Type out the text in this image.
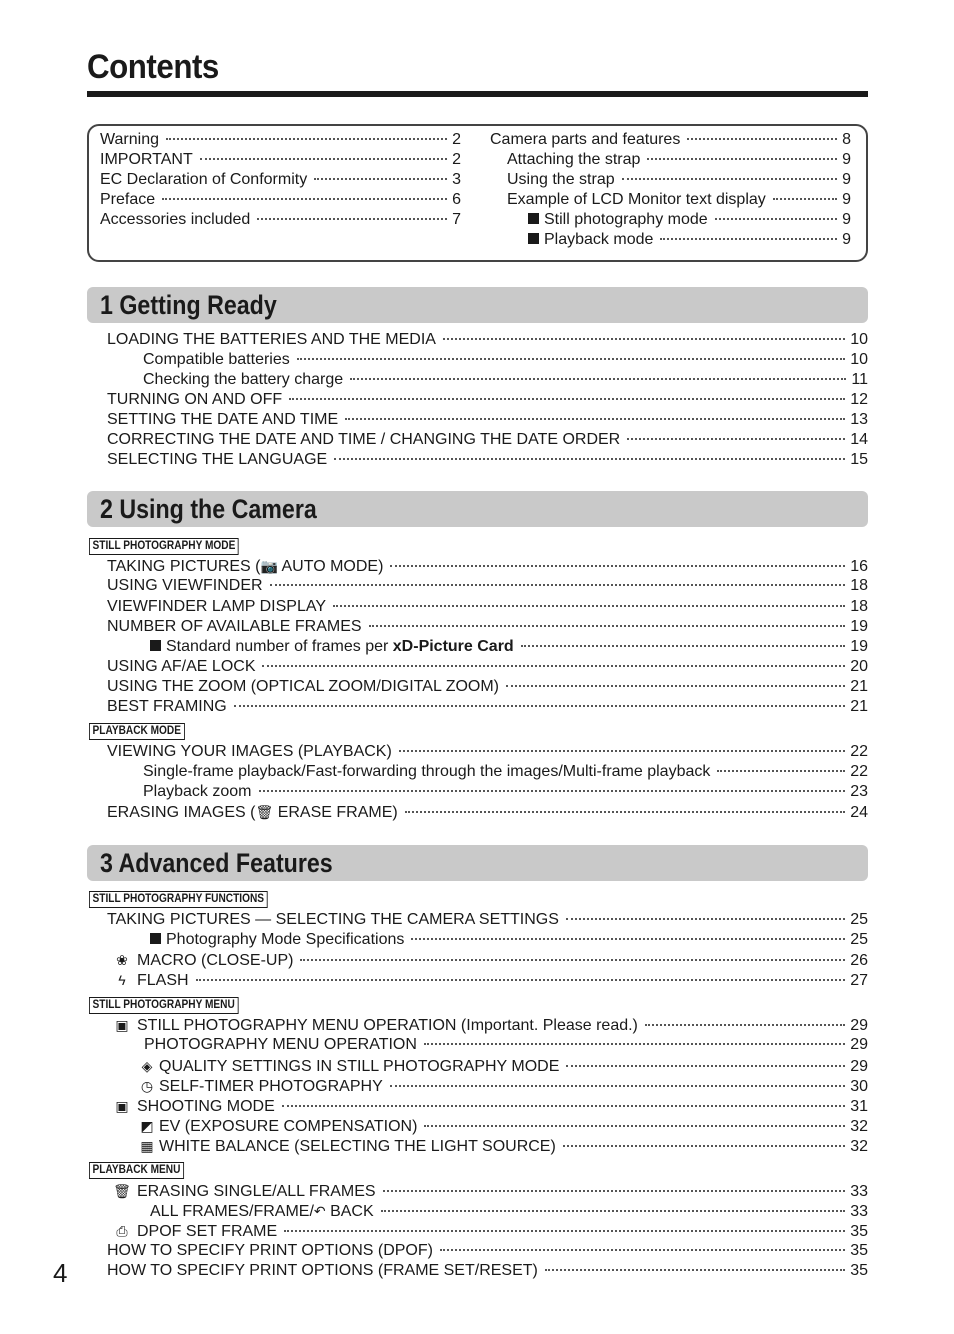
Contents
Warning	2
IMPORTANT	2
EC Declaration of Conformity	3
Preface	6
Accessories included	7
Camera parts and features	8
Attaching the strap	9
Using the strap	9
Example of LCD Monitor text display	9
Still photography mode	9
Playback mode	9
1 Getting Ready
LOADING THE BATTERIES AND THE MEDIA	10
Compatible batteries	10
Checking the battery charge	11
TURNING ON AND OFF	12
SETTING THE DATE AND TIME	13
CORRECTING THE DATE AND TIME / CHANGING THE DATE ORDER	14
SELECTING THE LANGUAGE	15
2 Using the Camera
STILL PHOTOGRAPHY MODE
TAKING PICTURES (📷 AUTO MODE)	16
USING VIEWFINDER	18
VIEWFINDER LAMP DISPLAY	18
NUMBER OF AVAILABLE FRAMES	19
Standard number of frames per xD-Picture Card	19
USING AF/AE LOCK	20
USING THE ZOOM (OPTICAL ZOOM/DIGITAL ZOOM)	21
BEST FRAMING	21
PLAYBACK MODE
VIEWING YOUR IMAGES (PLAYBACK)	22
Single-frame playback/Fast-forwarding through the images/Multi-frame playback	22
Playback zoom	23
ERASING IMAGES (🗑 ERASE FRAME)	24
3 Advanced Features
STILL PHOTOGRAPHY FUNCTIONS
TAKING PICTURES — SELECTING THE CAMERA SETTINGS	25
Photography Mode Specifications	25
❀ MACRO (CLOSE-UP)	26
ϟ FLASH	27
STILL PHOTOGRAPHY MENU
▣ STILL PHOTOGRAPHY MENU OPERATION (Important. Please read.)	29
PHOTOGRAPHY MENU OPERATION	29
◈ QUALITY SETTINGS IN STILL PHOTOGRAPHY MODE	29
◷ SELF-TIMER PHOTOGRAPHY	30
▣ SHOOTING MODE	31
◩ EV (EXPOSURE COMPENSATION)	32
▦ WHITE BALANCE (SELECTING THE LIGHT SOURCE)	32
PLAYBACK MENU
🗑 ERASING SINGLE/ALL FRAMES	33
ALL FRAMES/FRAME/↶ BACK	33
⎙ DPOF SET FRAME	35
HOW TO SPECIFY PRINT OPTIONS (DPOF)	35
HOW TO SPECIFY PRINT OPTIONS (FRAME SET/RESET)	35
4
